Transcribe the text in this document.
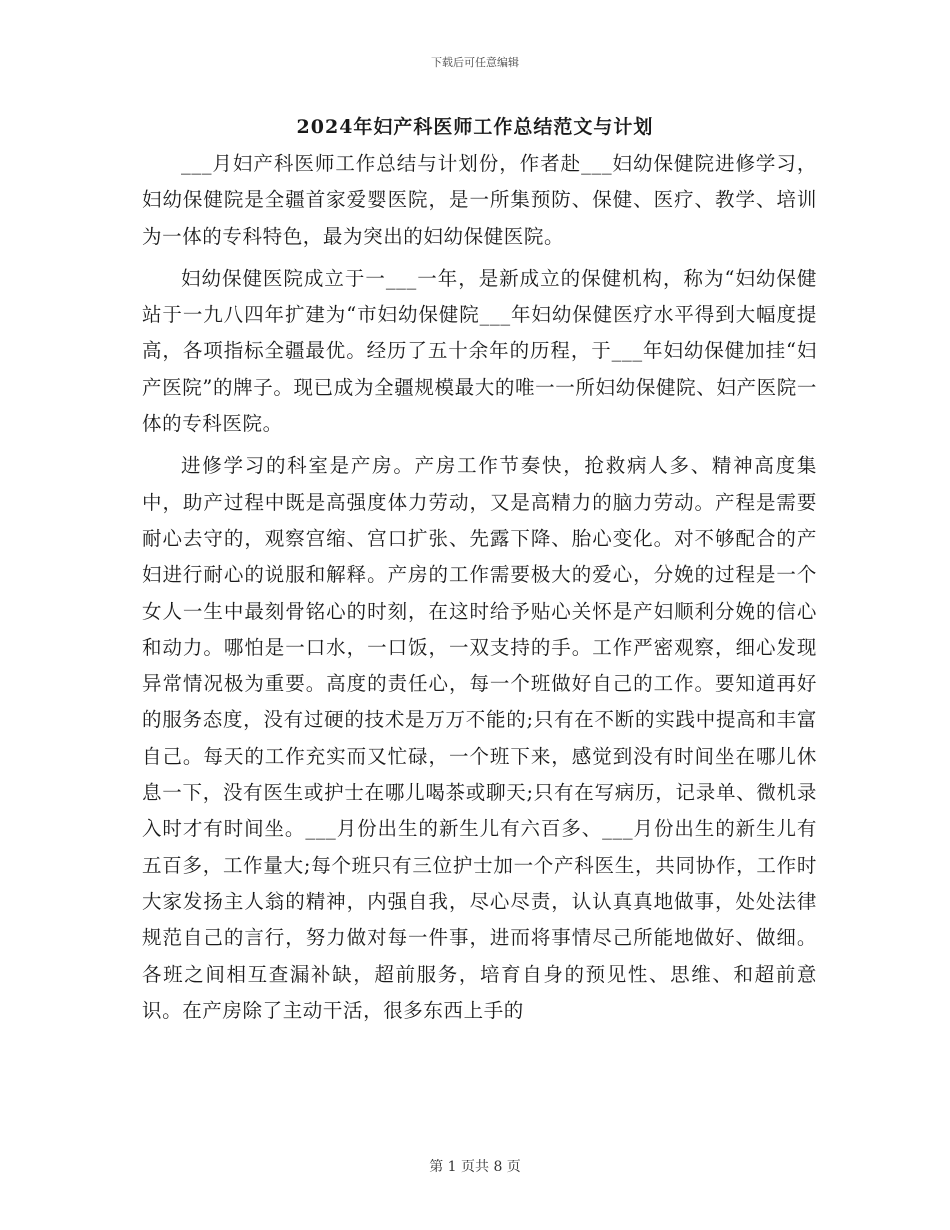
下载后可任意编辑
2024年妇产科医师工作总结范文与计划

___月妇产科医师工作总结与计划份，作者赴___妇幼保健院进修学习，妇幼保健院是全疆首家爱婴医院，是一所集预防、保健、医疗、教学、培训为一体的专科特色，最为突出的妇幼保健医院。

妇幼保健医院成立于一___一年，是新成立的保健机构，称为“妇幼保健站于一九八四年扩建为“市妇幼保健院___年妇幼保健医疗水平得到大幅度提高，各项指标全疆最优。经历了五十余年的历程，于___年妇幼保健加挂“妇产医院”的牌子。现已成为全疆规模最大的唯一一所妇幼保健院、妇产医院一体的专科医院。

进修学习的科室是产房。产房工作节奏快，抢救病人多、精神高度集中，助产过程中既是高强度体力劳动，又是高精力的脑力劳动。产程是需要耐心去守的，观察宫缩、宫口扩张、先露下降、胎心变化。对不够配合的产妇进行耐心的说服和解释。产房的工作需要极大的爱心，分娩的过程是一个女人一生中最刻骨铭心的时刻，在这时给予贴心关怀是产妇顺利分娩的信心和动力。哪怕是一口水，一口饭，一双支持的手。工作严密观察，细心发现异常情况极为重要。高度的责任心，每一个班做好自己的工作。要知道再好的服务态度，没有过硬的技术是万万不能的;只有在不断的实践中提高和丰富自己。每天的工作充实而又忙碌，一个班下来，感觉到没有时间坐在哪儿休息一下，没有医生或护士在哪儿喝茶或聊天;只有在写病历，记录单、微机录入时才有时间坐。___月份出生的新生儿有六百多、___月份出生的新生儿有五百多，工作量大;每个班只有三位护士加一个产科医生，共同协作，工作时大家发扬主人翁的精神，内强自我，尽心尽责，认认真真地做事，处处法律规范自己的言行，努力做对每一件事，进而将事情尽己所能地做好、做细。各班之间相互查漏补缺，超前服务，培育自身的预见性、思维、和超前意识。在产房除了主动干活，很多东西上手的

第 1 页共 8 页
